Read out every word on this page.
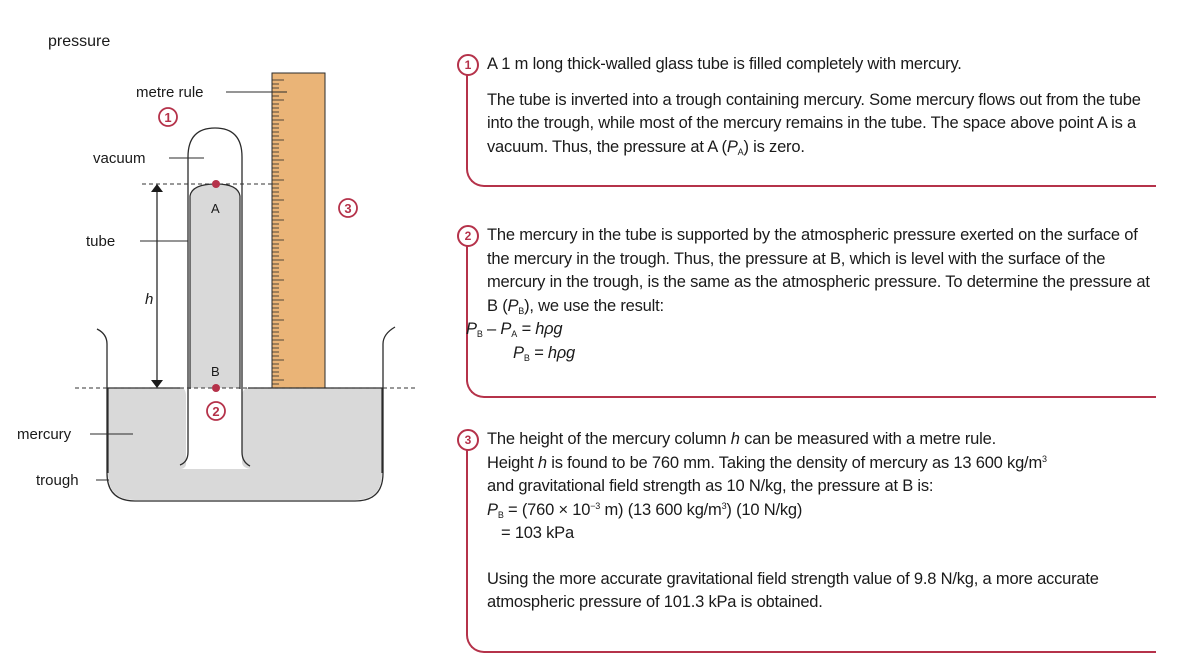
pressure
h
A
B
metre rule
vacuum
tube
mercury
trough
1
2
3
1 A 1 m long thick-walled glass tube is filled completely with mercury.

The tube is inverted into a trough containing mercury. Some mercury flows out from the tube into the trough, while most of the mercury remains in the tube. The space above point A is a vacuum. Thus, the pressure at A $(P_A)$ is zero.

2 The mercury in the tube is supported by the atmospheric pressure exerted on the surface of the mercury in the trough. Thus, the pressure at B, which is level with the surface of the mercury in the trough, is the same as the atmospheric pressure. To determine the pressure at B $(P_B)$, we use the result:

$P_B - P_A = h\rho g$

$P_B = h\rho g$

3 The height of the mercury column h can be measured with a metre rule.

Height h is found to be 760 mm. Taking the density of mercury as 13 600 $kg/m^3$

and gravitational field strength as 10 N/kg, the pressure at B is:

$P_B = (760 \times 10^{-3}$ m) (13 600 $kg/m^3$) (10 N/kg)

= 103 kPa

Using the more accurate gravitational field strength value of 9.8 N/kg, a more accurate atmospheric pressure of 101.3 kPa is obtained.
